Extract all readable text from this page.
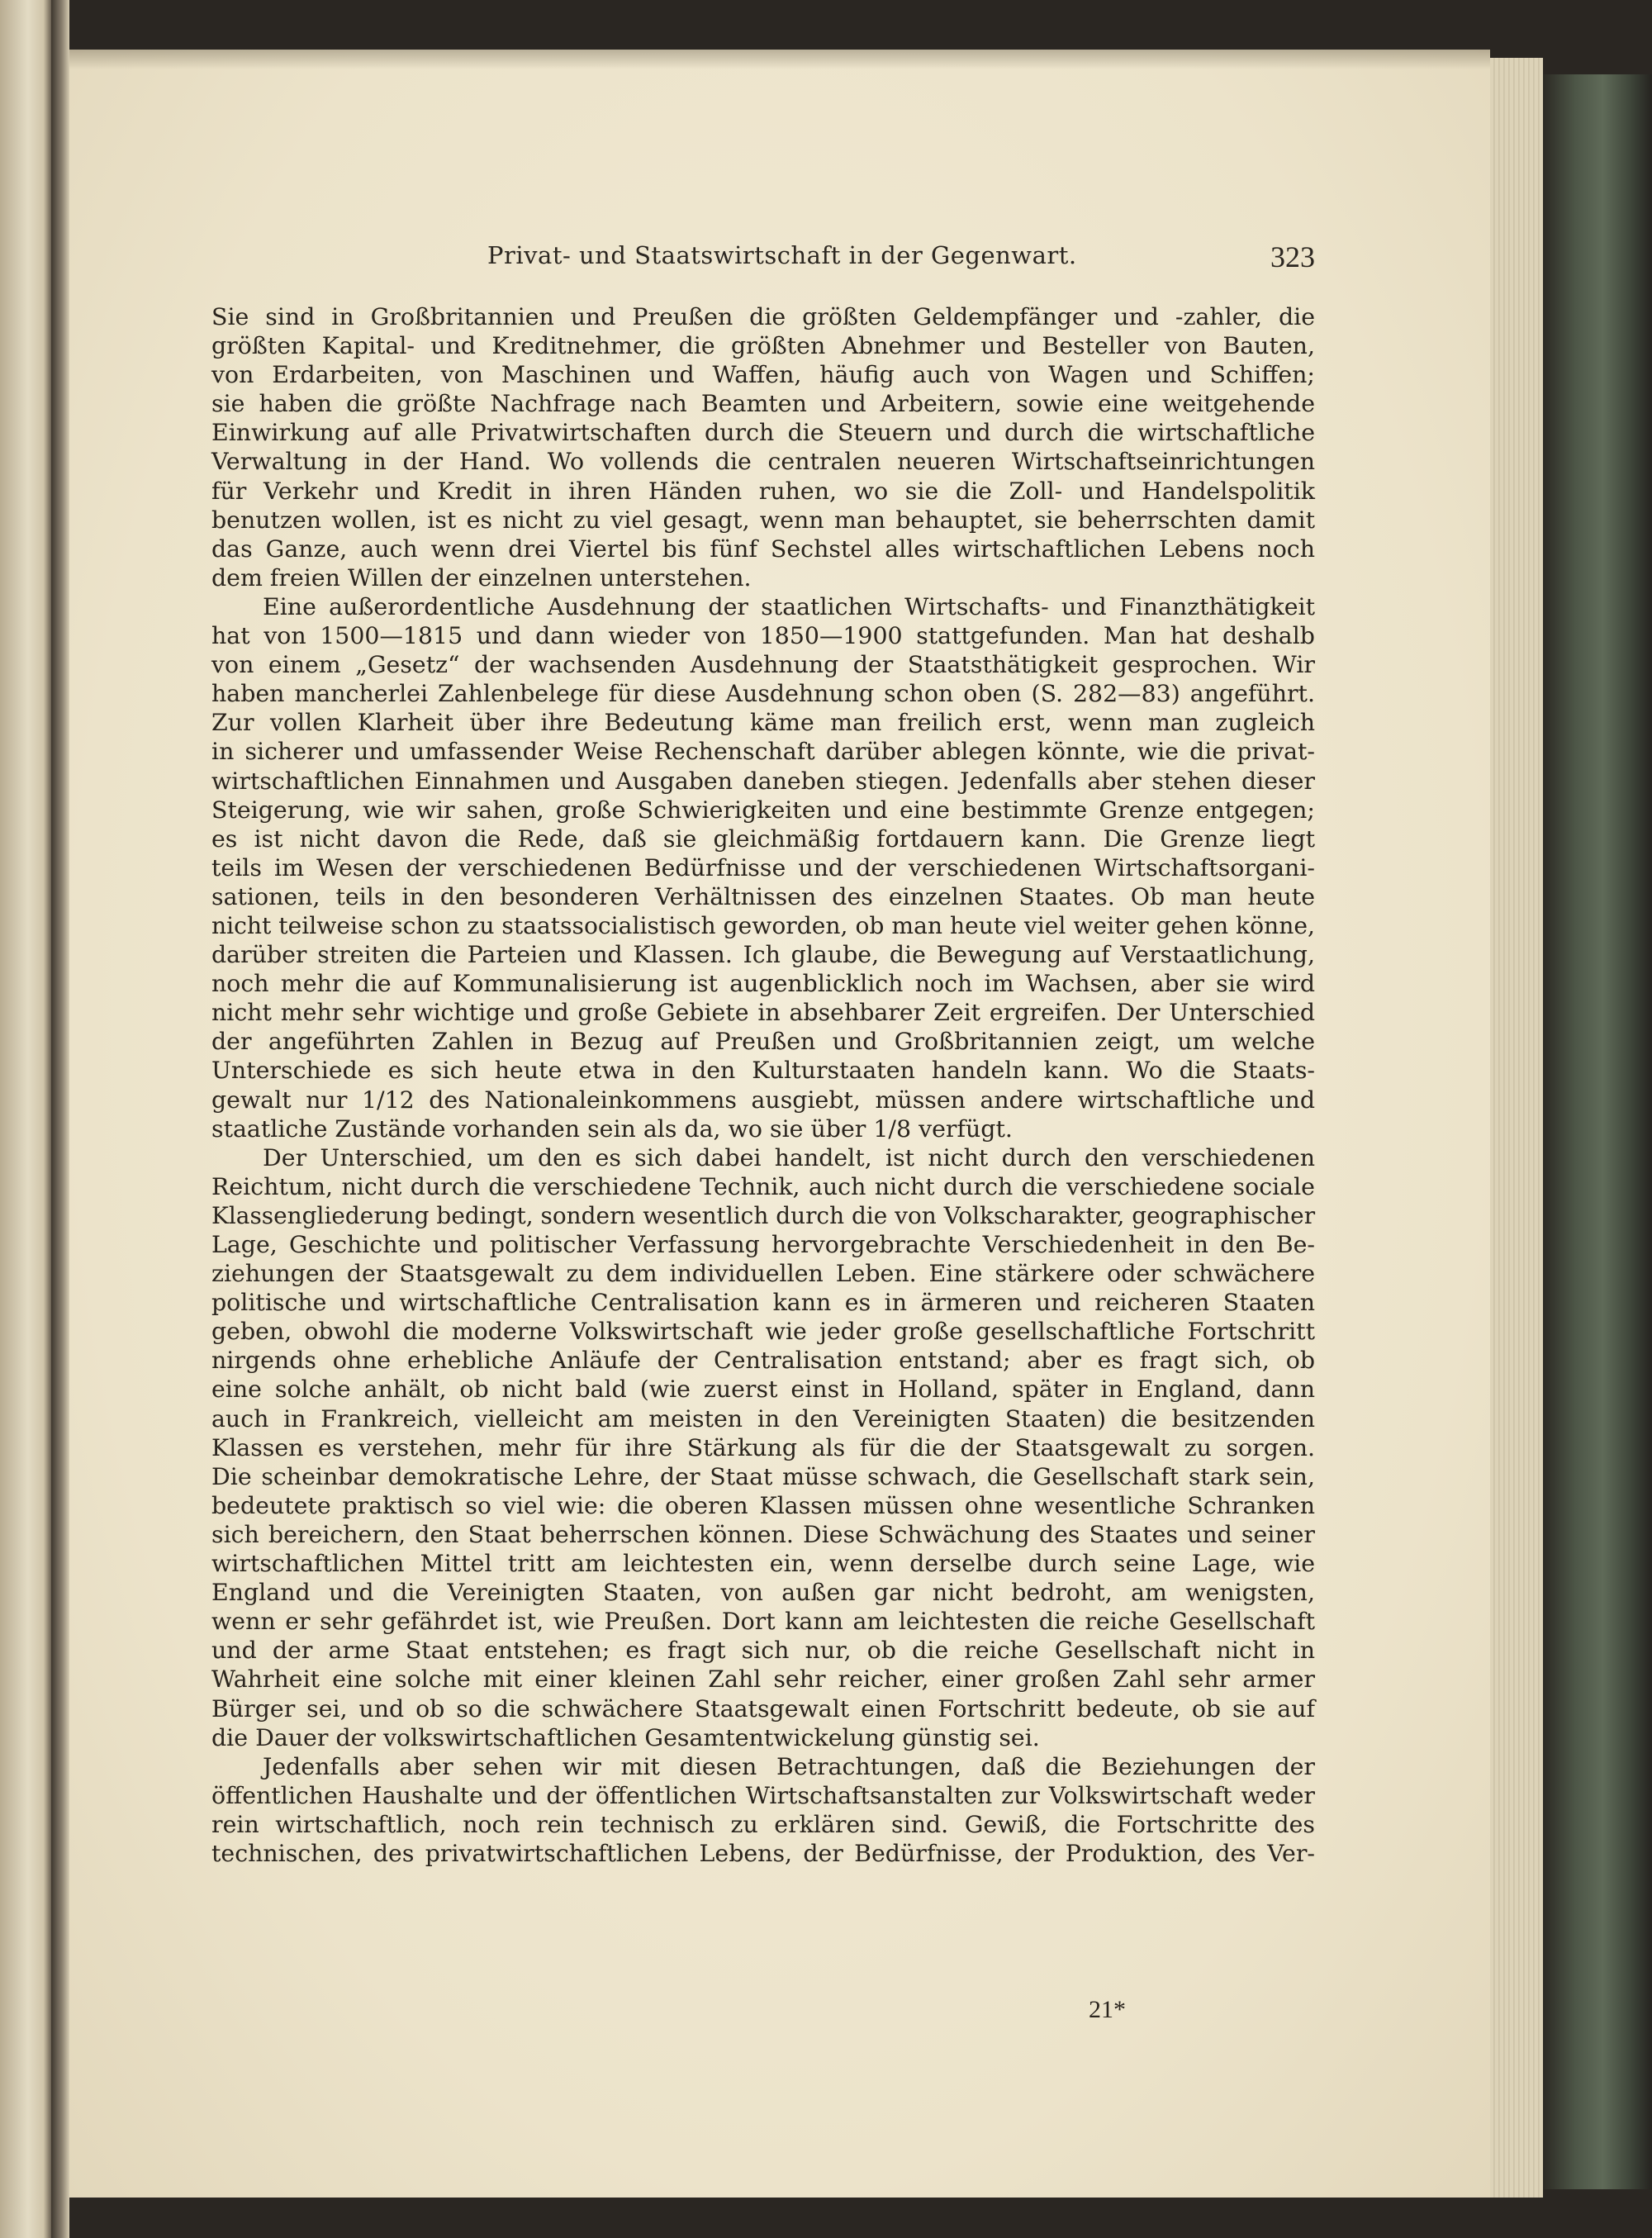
Privat- und Staatswirtschaft in der Gegenwart.	323
Sie sind in Großbritannien und Preußen die größten Geldempfänger und -zahler, die
größten Kapital- und Kreditnehmer, die größten Abnehmer und Besteller von Bauten,
von Erdarbeiten, von Maschinen und Waffen, häufig auch von Wagen und Schiffen;
sie haben die größte Nachfrage nach Beamten und Arbeitern, sowie eine weitgehende
Einwirkung auf alle Privatwirtschaften durch die Steuern und durch die wirtschaftliche
Verwaltung in der Hand. Wo vollends die centralen neueren Wirtschaftseinrichtungen
für Verkehr und Kredit in ihren Händen ruhen, wo sie die Zoll- und Handelspolitik
benutzen wollen, ist es nicht zu viel gesagt, wenn man behauptet, sie beherrschten damit
das Ganze, auch wenn drei Viertel bis fünf Sechstel alles wirtschaftlichen Lebens noch
dem freien Willen der einzelnen unterstehen.
Eine außerordentliche Ausdehnung der staatlichen Wirtschafts- und Finanzthätigkeit
hat von 1500—1815 und dann wieder von 1850—1900 stattgefunden. Man hat deshalb
von einem „Gesetz“ der wachsenden Ausdehnung der Staatsthätigkeit gesprochen. Wir
haben mancherlei Zahlenbelege für diese Ausdehnung schon oben (S. 282—83) angeführt.
Zur vollen Klarheit über ihre Bedeutung käme man freilich erst, wenn man zugleich
in sicherer und umfassender Weise Rechenschaft darüber ablegen könnte, wie die privat-
wirtschaftlichen Einnahmen und Ausgaben daneben stiegen. Jedenfalls aber stehen dieser
Steigerung, wie wir sahen, große Schwierigkeiten und eine bestimmte Grenze entgegen;
es ist nicht davon die Rede, daß sie gleichmäßig fortdauern kann. Die Grenze liegt
teils im Wesen der verschiedenen Bedürfnisse und der verschiedenen Wirtschaftsorgani-
sationen, teils in den besonderen Verhältnissen des einzelnen Staates. Ob man heute
nicht teilweise schon zu staatssocialistisch geworden, ob man heute viel weiter gehen könne,
darüber streiten die Parteien und Klassen. Ich glaube, die Bewegung auf Verstaatlichung,
noch mehr die auf Kommunalisierung ist augenblicklich noch im Wachsen, aber sie wird
nicht mehr sehr wichtige und große Gebiete in absehbarer Zeit ergreifen. Der Unterschied
der angeführten Zahlen in Bezug auf Preußen und Großbritannien zeigt, um welche
Unterschiede es sich heute etwa in den Kulturstaaten handeln kann. Wo die Staats-
gewalt nur 1/12 des Nationaleinkommens ausgiebt, müssen andere wirtschaftliche und
staatliche Zustände vorhanden sein als da, wo sie über 1/8 verfügt.
Der Unterschied, um den es sich dabei handelt, ist nicht durch den verschiedenen
Reichtum, nicht durch die verschiedene Technik, auch nicht durch die verschiedene sociale
Klassengliederung bedingt, sondern wesentlich durch die von Volkscharakter, geographischer
Lage, Geschichte und politischer Verfassung hervorgebrachte Verschiedenheit in den Be-
ziehungen der Staatsgewalt zu dem individuellen Leben. Eine stärkere oder schwächere
politische und wirtschaftliche Centralisation kann es in ärmeren und reicheren Staaten
geben, obwohl die moderne Volkswirtschaft wie jeder große gesellschaftliche Fortschritt
nirgends ohne erhebliche Anläufe der Centralisation entstand; aber es fragt sich, ob
eine solche anhält, ob nicht bald (wie zuerst einst in Holland, später in England, dann
auch in Frankreich, vielleicht am meisten in den Vereinigten Staaten) die besitzenden
Klassen es verstehen, mehr für ihre Stärkung als für die der Staatsgewalt zu sorgen.
Die scheinbar demokratische Lehre, der Staat müsse schwach, die Gesellschaft stark sein,
bedeutete praktisch so viel wie: die oberen Klassen müssen ohne wesentliche Schranken
sich bereichern, den Staat beherrschen können. Diese Schwächung des Staates und seiner
wirtschaftlichen Mittel tritt am leichtesten ein, wenn derselbe durch seine Lage, wie
England und die Vereinigten Staaten, von außen gar nicht bedroht, am wenigsten,
wenn er sehr gefährdet ist, wie Preußen. Dort kann am leichtesten die reiche Gesellschaft
und der arme Staat entstehen; es fragt sich nur, ob die reiche Gesellschaft nicht in
Wahrheit eine solche mit einer kleinen Zahl sehr reicher, einer großen Zahl sehr armer
Bürger sei, und ob so die schwächere Staatsgewalt einen Fortschritt bedeute, ob sie auf
die Dauer der volkswirtschaftlichen Gesamtentwickelung günstig sei.
Jedenfalls aber sehen wir mit diesen Betrachtungen, daß die Beziehungen der
öffentlichen Haushalte und der öffentlichen Wirtschaftsanstalten zur Volkswirtschaft weder
rein wirtschaftlich, noch rein technisch zu erklären sind. Gewiß, die Fortschritte des
technischen, des privatwirtschaftlichen Lebens, der Bedürfnisse, der Produktion, des Ver-
21*
